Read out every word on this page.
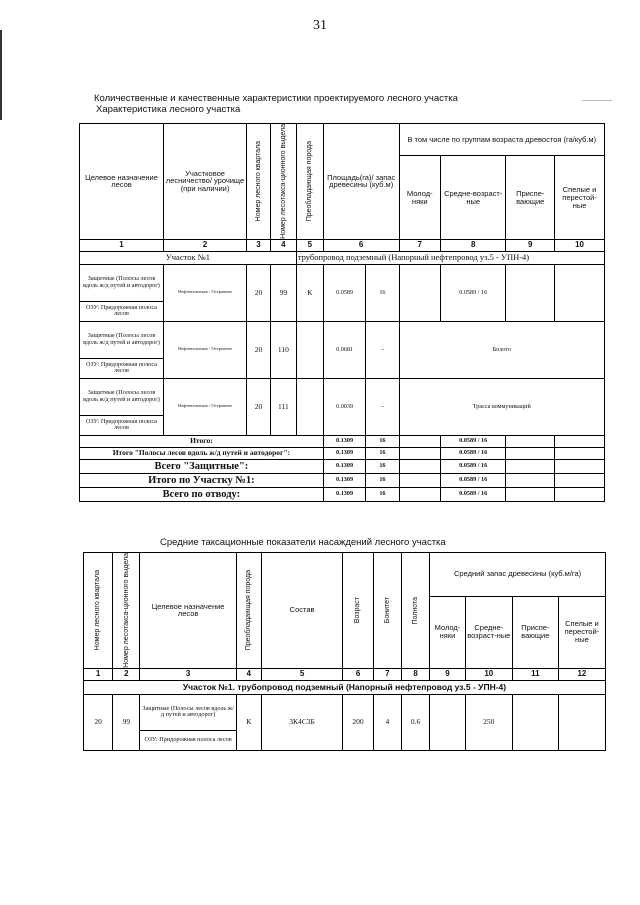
31
Количественные и качественные характеристики проектируемого лесного участка
Характеристика лесного участка
Целевое назначение лесов	Участковое лесничество/ урочище (при наличии)	Номер лесного квартала	Номер лесотакса-ционного выдела	Преобладающая порода	Площадь(га)/ запас древесины (куб.м)		В том числе по группам возраста древостоя (га/куб.м)			
							Молод-няки	Средне-возраст-ные	Приспе-вающие	Спелые и перестой-ные
1	2	3	4	5	6		7	8	9	10
Участок №1				трубопровод подземный (Напорный нефтепровод уз.5 - УПН-4)						
Защитные (Полосы лесов вдоль ж/д путей и автодорог)	Нефтеюганское / Островное	20	99	К	0.0589	16		0.0589 / 16		
ОЗУ: Придорожная полоса лесов										
Защитные (Полосы лесов вдоль ж/д путей и автодорог)	Нефтеюганское / Островное	20	110		0.0681	–	Болото			
ОЗУ: Придорожная полоса лесов										
Защитные (Полосы лесов вдоль ж/д путей и автодорог)	Нефтеюганское / Островное	20	111		0.0039	–	Трасса коммуникаций			
ОЗУ: Придорожная полоса лесов										
Итого:					0.1309	16		0.0589 / 16		
Итого "Полосы лесов вдоль ж/д путей и автодорог":					0.1309	16		0.0589 / 16		
Всего "Защитные":					0.1309	16		0.0589 / 16		
Итого по Участку №1:					0.1309	16		0.0589 / 16		
Всего по отводу:					0.1309	16		0.0589 / 16		
Средние таксационные показатели насаждений лесного участка
Номер лесного квартала	Номер лесотакса-ционного выдела	Целевое назначение лесов	Преобладающая порода	Состав	Возраст	Бонитет	Полнота	Средний запас древесины (куб.м/га)			
								Молод-няки	Средне-возраст-ные	Приспе-вающие	Спелые и перестой-ные
1	2	3	4	5	6	7	8	9	10	11	12
Участок №1. трубопровод подземный (Напорный нефтепровод уз.5 - УПН-4)											
20	99	Защитные (Полосы лесов вдоль ж/д путей и автодорог)	К	3К4С3Б	200	4	0.6		250		
		ОЗУ: Придорожная полоса лесов									
